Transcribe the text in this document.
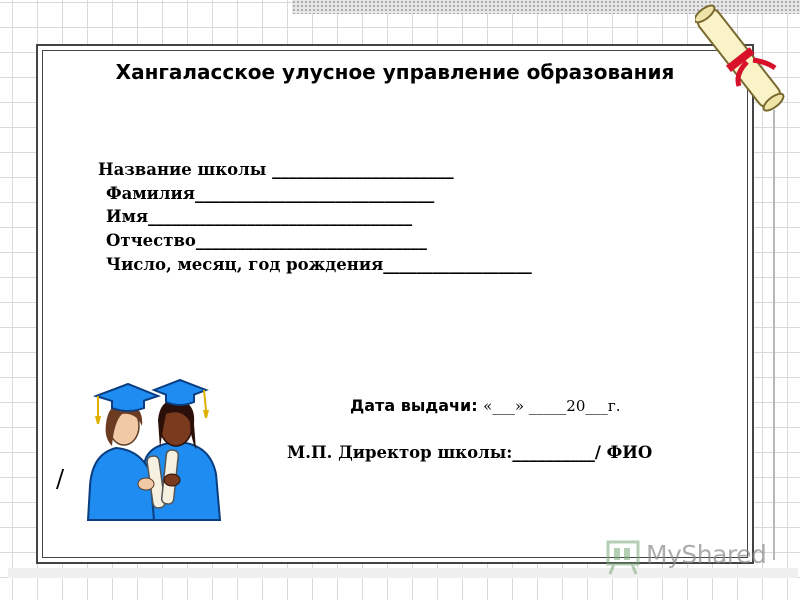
Хангаласское улусное управление образования
Название школы ______________________
Фамилия_____________________________
Имя________________________________
Отчество____________________________
Число, месяц, год рождения__________________
Дата выдачи: «___» _____20___г.
М.П. Директор школы:__________/ ФИО
/
MyShared
